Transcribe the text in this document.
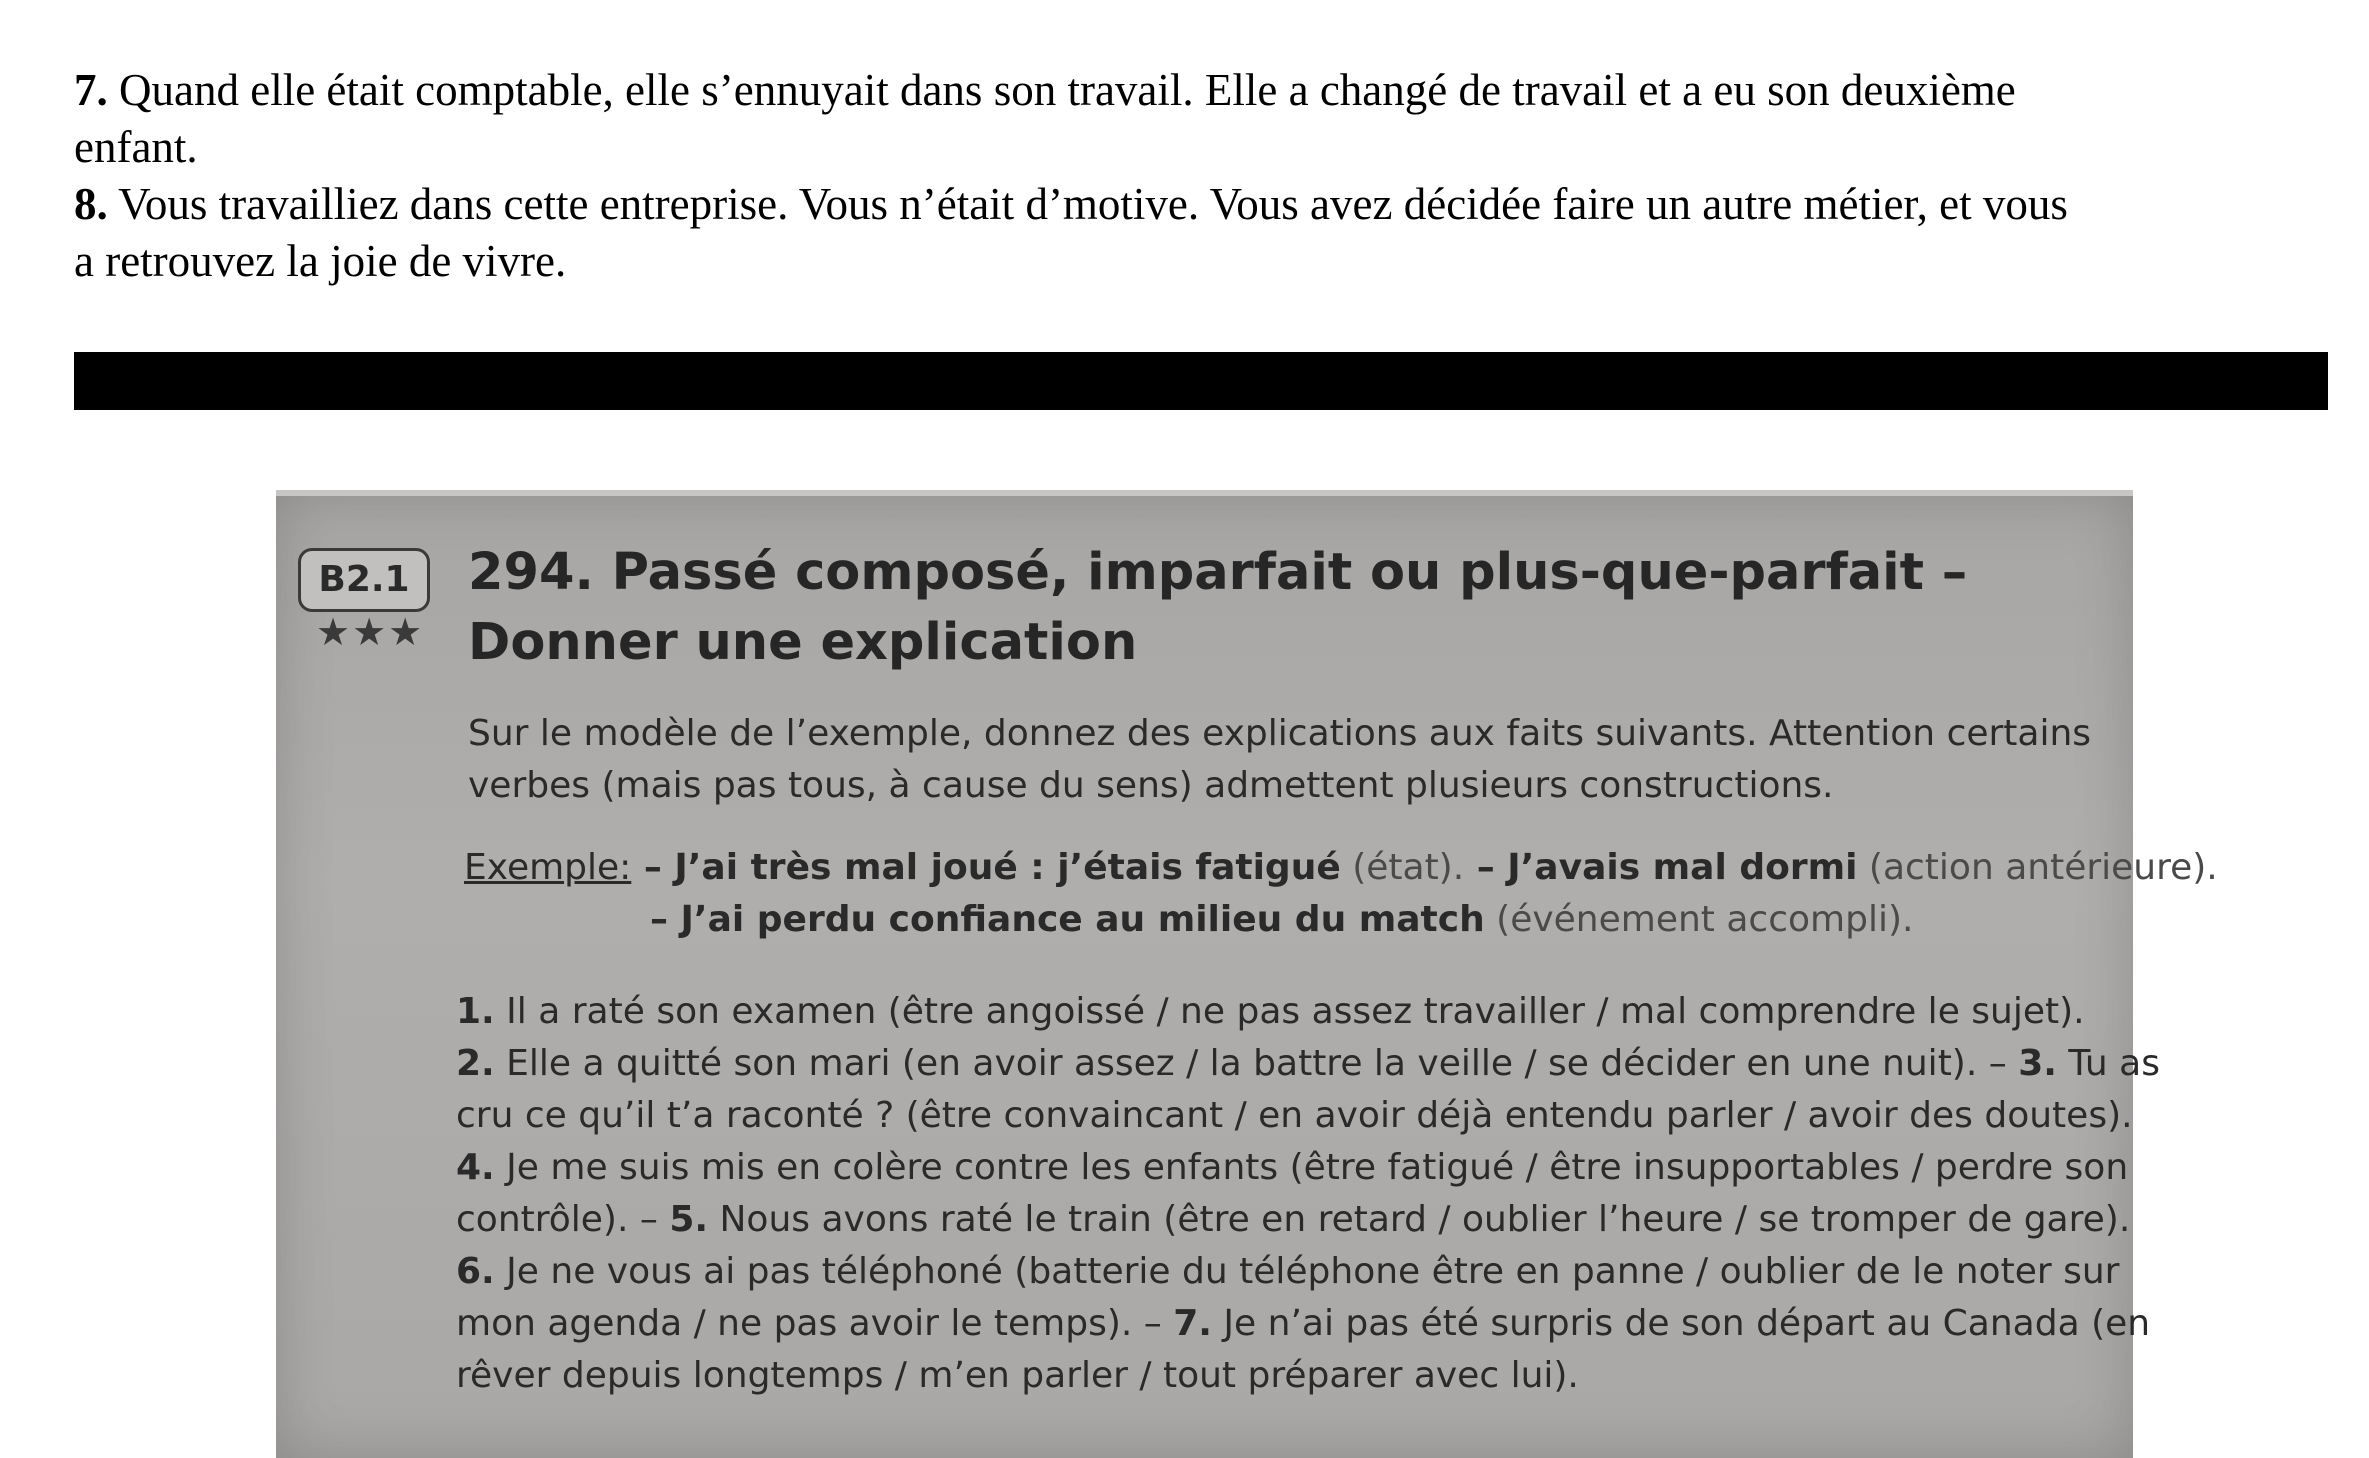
7. Quand elle était comptable, elle s’ennuyait dans son travail. Elle a changé de travail et a eu son deuxième

enfant.

8. Vous travailliez dans cette entreprise. Vous n’était d’motive. Vous avez décidée faire un autre métier, et vous

a retrouvez la joie de vivre.

B2.1
★★★
294. Passé composé, imparfait ou plus-que-parfait –
Donner une explication

Sur le modèle de l’exemple, donnez des explications aux faits suivants. Attention certains
verbes (mais pas tous, à cause du sens) admettent plusieurs constructions.

Exemple: – J’ai très mal joué : j’étais fatigué (état). – J’avais mal dormi (action antérieure).
– J’ai perdu confiance au milieu du match (événement accompli).
1. Il a raté son examen (être angoissé / ne pas assez travailler / mal comprendre le sujet).
2. Elle a quitté son mari (en avoir assez / la battre la veille / se décider en une nuit). – 3. Tu as
cru ce qu’il t’a raconté ? (être convaincant / en avoir déjà entendu parler / avoir des doutes).
4. Je me suis mis en colère contre les enfants (être fatigué / être insupportables / perdre son
contrôle). – 5. Nous avons raté le train (être en retard / oublier l’heure / se tromper de gare).
6. Je ne vous ai pas téléphoné (batterie du téléphone être en panne / oublier de le noter sur
mon agenda / ne pas avoir le temps). – 7. Je n’ai pas été surpris de son départ au Canada (en
rêver depuis longtemps / m’en parler / tout préparer avec lui).
